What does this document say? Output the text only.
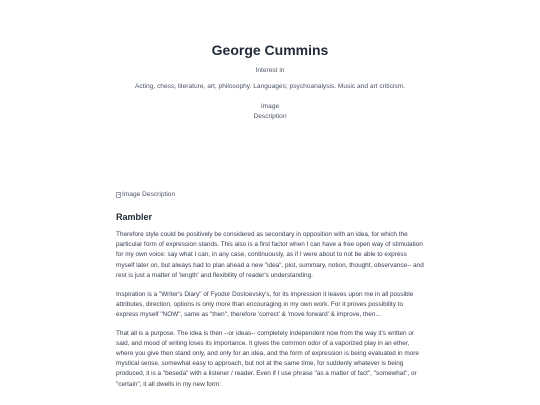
George Cummins
Interest in
Acting, chess, literature, art, philosophy. Languages; psychoanalysis. Music and art criticism.
Image
Description
Image Description
Rambler

Therefore style could be positively be considered as secondary in opposition with an idea, for which the particular form of expression stands. This also is a first factor when I can have a free open way of stimulation for my own voice: say what I can, in any case, continuously, as if I were about to not be able to express myself later on, but always had to plan ahead a new "idea", plot, summary, notion, thought, observance-- and rest is just a matter of 'length' and flexibility of reader's understanding.

Inspiration is a "Writer's Diary" of Fyodor Dostoevsky's, for its impression it leaves upon me in all possible attributes, direction, options is only more than encouraging in my own work. For it proves possibility to express myself "NOW", same as "then", therefore 'correct' & 'move forward' & improve, then...

That all is a purpose. The idea is then --or ideas-- completely independent now from the way it's written or said, and mood of writing loses its importance. It gives the common odor of a vaporized play in an ether, where you give then stand only, and only for an idea, and the form of expression is being evaluated in more mystical sense, somewhat easy to approach, but not at the same time, for suddenly whatever is being produced, it is a "beseda" with a listener / reader. Even if I use phrase "as a matter of fact", "somewhat", or "certain", it all dwells in my new form:
